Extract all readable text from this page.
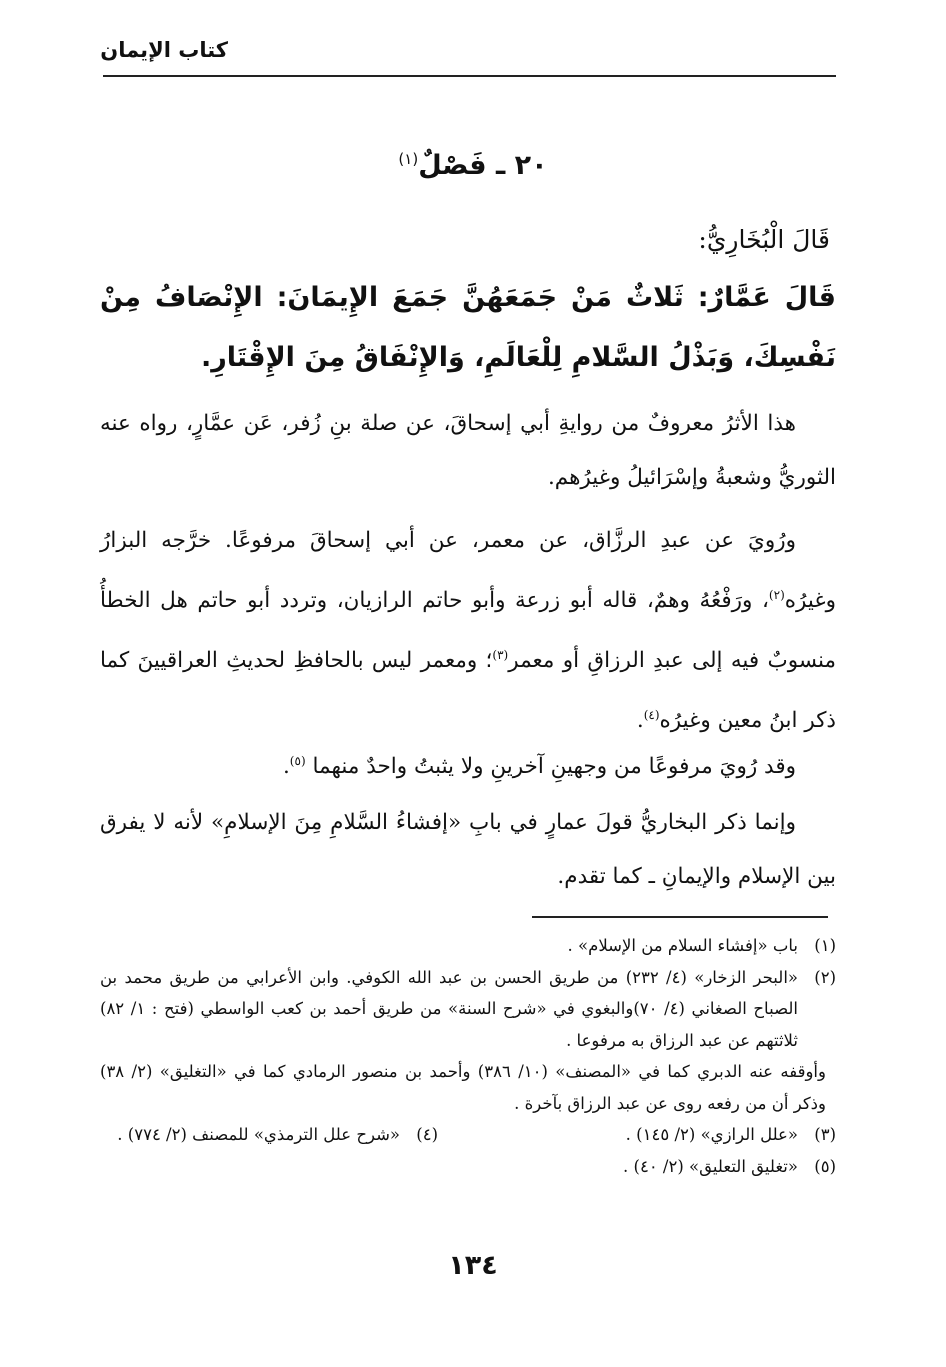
كتاب الإيمان
٢٠ ـ فَصْلٌ$^{(١)}$
قَالَ الْبُخَارِيُّ:
قَالَ عَمَّارٌ: ثَلاثٌ مَنْ جَمَعَهُنَّ جَمَعَ الإِيمَانَ: الإِنْصَافُ مِنْ نَفْسِكَ، وَبَذْلُ السَّلامِ لِلْعَالَمِ، وَالإِنْفَاقُ مِنَ الإِقْتَارِ.

هذا الأثرُ معروفٌ من روايةِ أبي إسحاقَ، عن صلة بنِ زُفر، عَن عمَّارٍ، رواه عنه الثوريُّ وشعبةُ وإسْرَائيلُ وغيرُهم.

ورُويَ عن عبدِ الرزَّاق، عن معمر، عن أبي إسحاقَ مرفوعًا. خرَّجه البزارُ وغيرُه$^{(٢)}$، ورَفْعُهُ وهمٌ، قاله أبو زرعة وأبو حاتم الرازيان، وتردد أبو حاتم هل الخطأُ منسوبٌ فيه إلى عبدِ الرزاقِ أو معمر$^{(٣)}$؛ ومعمر ليس بالحافظِ لحديثِ العراقيينَ كما ذكر ابنُ معين وغيرُه$^{(٤)}$.

وقد رُويَ مرفوعًا من وجهينِ آخرينِ ولا يثبتُ واحدٌ منهما $^{(٥)}$.

وإنما ذكر البخاريُّ قولَ عمارٍ في بابِ «إفشاءُ السَّلامِ مِنَ الإسلامِ» لأنه لا يفرق بين الإسلام والإيمانِ ـ كما تقدم.

(١)
باب «إفشاء السلام من الإسلام» .
(٢)
«البحر الزخار» (٤/ ٢٣٢) من طريق الحسن بن عبد الله الكوفي. وابن الأعرابي من طريق محمد بن الصباح الصغاني (٤/ ٧٠)والبغوي في «شرح السنة» من طريق أحمد بن كعب الواسطي (فتح : ١/ ٨٢) ثلاثتهم عن عبد الرزاق به مرفوعا .
وأوقفه عنه الدبري كما في «المصنف» (١٠/ ٣٨٦) وأحمد بن منصور الرمادي كما في «التغليق» (٢/ ٣٨) وذكر أن من رفعه روى عن عبد الرزاق بآخرة .
(٣)
«علل الرازي» (٢/ ١٤٥) .
(٤)
«شرح علل الترمذي» للمصنف (٢/ ٧٧٤) .
(٥)
«تغليق التعليق» (٢/ ٤٠) .
١٣٤
